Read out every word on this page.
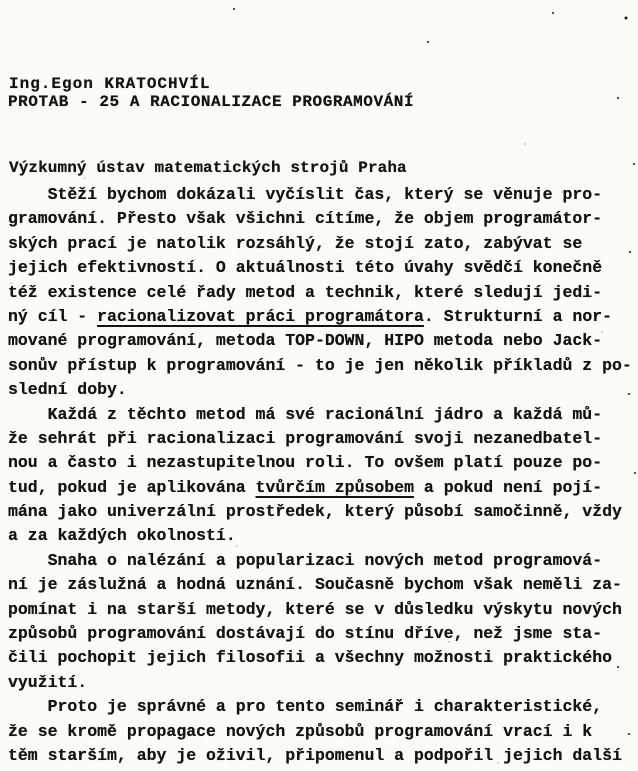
Ing.Egon KRATOCHVÍL

Výzkumný ústav matematických strojů Praha

PROTAB - 25 A RACIONALIZACE PROGRAMOVÁNÍ
Stěží bychom dokázali vyčíslit čas, který se věnuje pro-
gramování. Přesto však všichni cítíme, že objem programátor-
ských prací je natolik rozsáhlý, že stojí zato, zabývat se
jejich efektivností. O aktuálnosti této úvahy svědčí konečně
též existence celé řady metod a technik, které sledují jedi-
ný cíl - racionalizovat práci programátora. Strukturní a nor-
mované programování, metoda TOP-DOWN, HIPO metoda nebo Jack-
sonův přístup k programování - to je jen několik příkladů z po-
slední doby.
Každá z těchto metod má své racionální jádro a každá mů-
že sehrát při racionalizaci programování svoji nezanedbatel-
nou a často i nezastupitelnou roli. To ovšem platí pouze po-
tud, pokud je aplikována tvůrčím způsobem a pokud není pojí-
mána jako univerzální prostředek, který působí samočinně, vždy
a za každých okolností.
Snaha o nalézání a popularizaci nových metod programová-
ní je záslužná a hodná uznání. Současně bychom však neměli za-
pomínat i na starší metody, které se v důsledku výskytu nových
způsobů programování dostávají do stínu dříve, než jsme sta-
čili pochopit jejich filosofii a všechny možnosti praktického
využití.
Proto je správné a pro tento seminář i charakteristické,
že se kromě propagace nových způsobů programování vrací i k
těm starším, aby je oživil, připomenul a podpořil jejich další
